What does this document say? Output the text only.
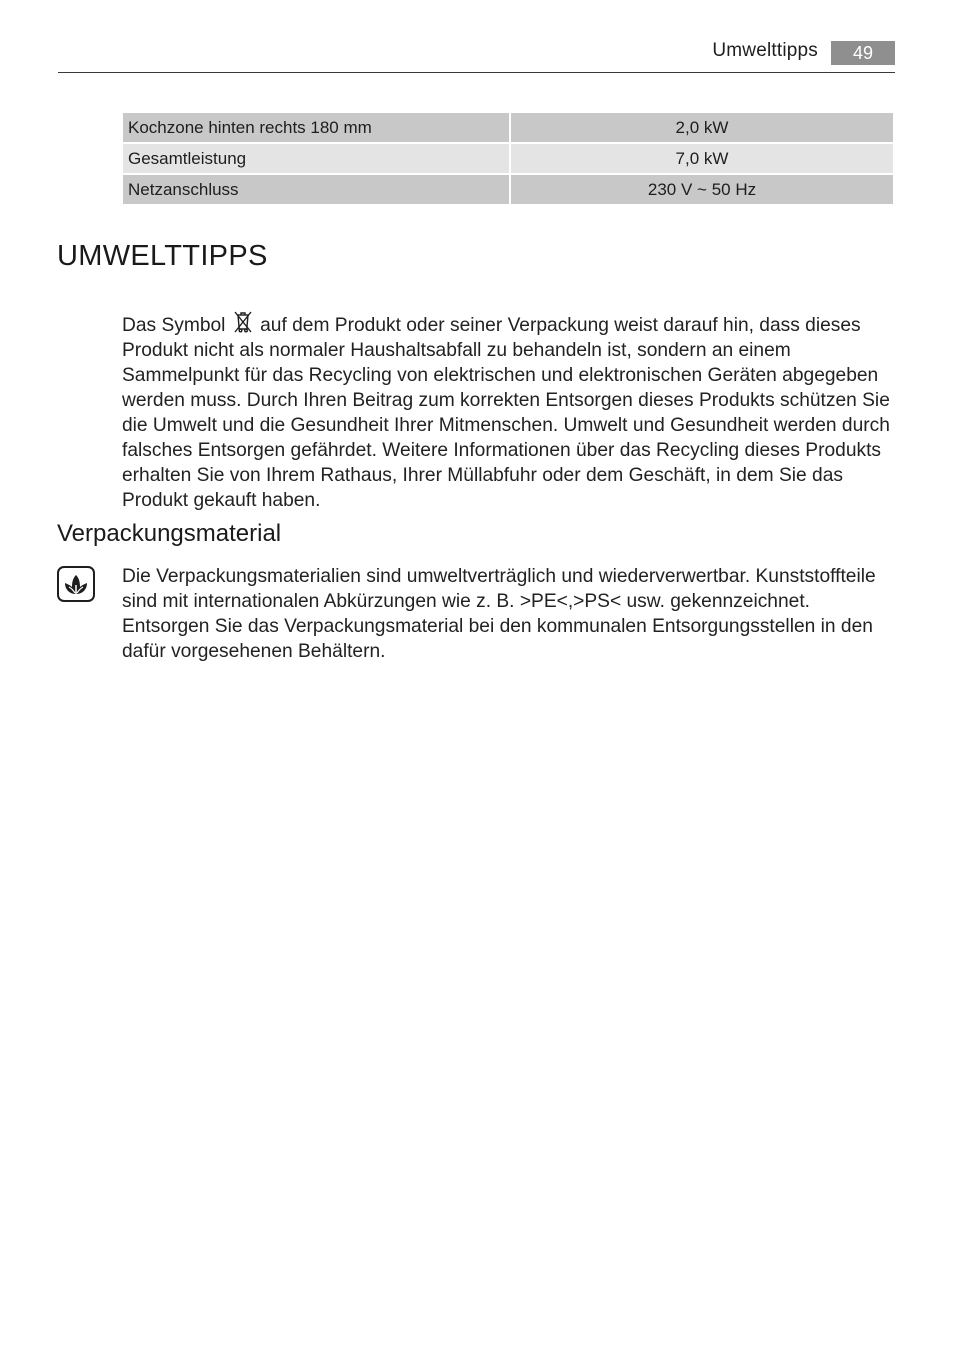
Umwelttipps	49
Kochzone hinten rechts 180 mm	2,0 kW
Gesamtleistung	7,0 kW
Netzanschluss	230 V ~ 50 Hz
UMWELTTIPPS

Das Symbol auf dem Produkt oder seiner Verpackung weist darauf hin, dass dieses Produkt nicht als normaler Haushaltsabfall zu behandeln ist, sondern an einem Sammelpunkt für das Recycling von elektrischen und elektronischen Geräten abgegeben werden muss. Durch Ihren Beitrag zum korrekten Entsorgen dieses Produkts schützen Sie die Umwelt und die Gesundheit Ihrer Mitmenschen. Umwelt und Gesundheit werden durch falsches Entsorgen gefährdet. Weitere Informationen über das Recycling dieses Produkts erhalten Sie von Ihrem Rathaus, Ihrer Müllabfuhr oder dem Geschäft, in dem Sie das Produkt gekauft haben.

Verpackungsmaterial

Die Verpackungsmaterialien sind umweltverträglich und wiederverwertbar. Kunststoffteile sind mit internationalen Abkürzungen wie z. B. >PE<,>PS< usw. gekennzeichnet. Entsorgen Sie das Verpackungsmaterial bei den kommunalen Entsorgungsstellen in den dafür vorgesehenen Behältern.
